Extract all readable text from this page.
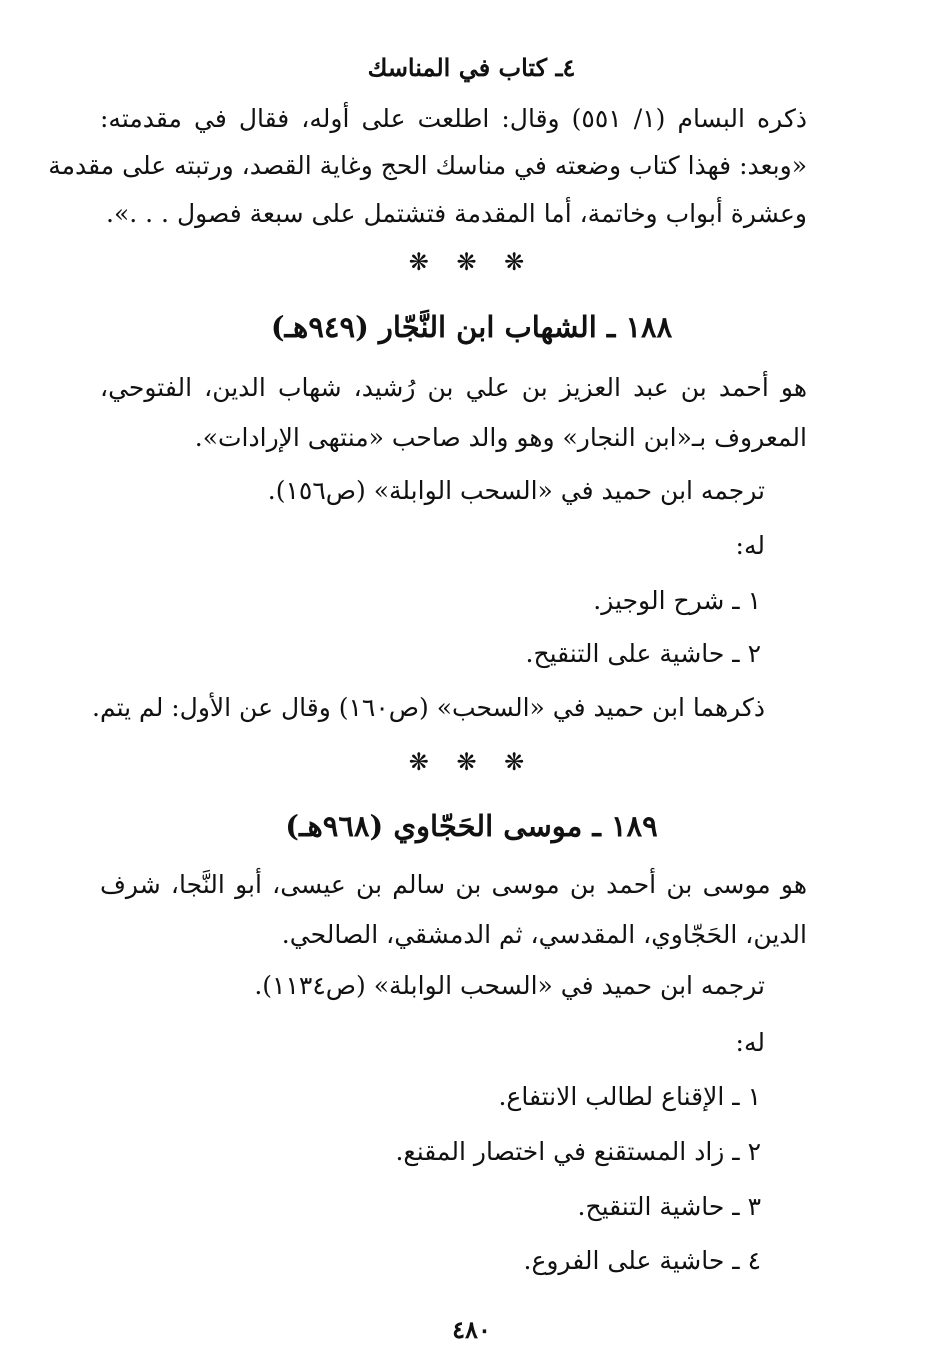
٤ـ كتاب في المناسك
ذكره البسام (١/ ٥٥١) وقال: اطلعت على أوله، فقال في مقدمته:
«وبعد: فهذا كتاب وضعته في مناسك الحج وغاية القصد، ورتبته على مقدمة
وعشرة أبواب وخاتمة، أما المقدمة فتشتمل على سبعة فصول . . .».
❋ ❋ ❋
١٨٨ ـ الشهاب ابن النَّجّار (٩٤٩هـ)
هو أحمد بن عبد العزيز بن علي بن رُشيد، شهاب الدين، الفتوحي،
المعروف بـ«ابن النجار» وهو والد صاحب «منتهى الإرادات».
ترجمه ابن حميد في «السحب الوابلة» (ص١٥٦).
له:
١ ـ شرح الوجيز.
٢ ـ حاشية على التنقيح.
ذكرهما ابن حميد في «السحب» (ص١٦٠) وقال عن الأول: لم يتم.
❋ ❋ ❋
١٨٩ ـ موسى الحَجّاوي (٩٦٨هـ)
هو موسى بن أحمد بن موسى بن سالم بن عيسى، أبو النَّجا، شرف
الدين، الحَجّاوي، المقدسي، ثم الدمشقي، الصالحي.
ترجمه ابن حميد في «السحب الوابلة» (ص١١٣٤).
له:
١ ـ الإقناع لطالب الانتفاع.
٢ ـ زاد المستقنع في اختصار المقنع.
٣ ـ حاشية التنقيح.
٤ ـ حاشية على الفروع.
٤٨٠
